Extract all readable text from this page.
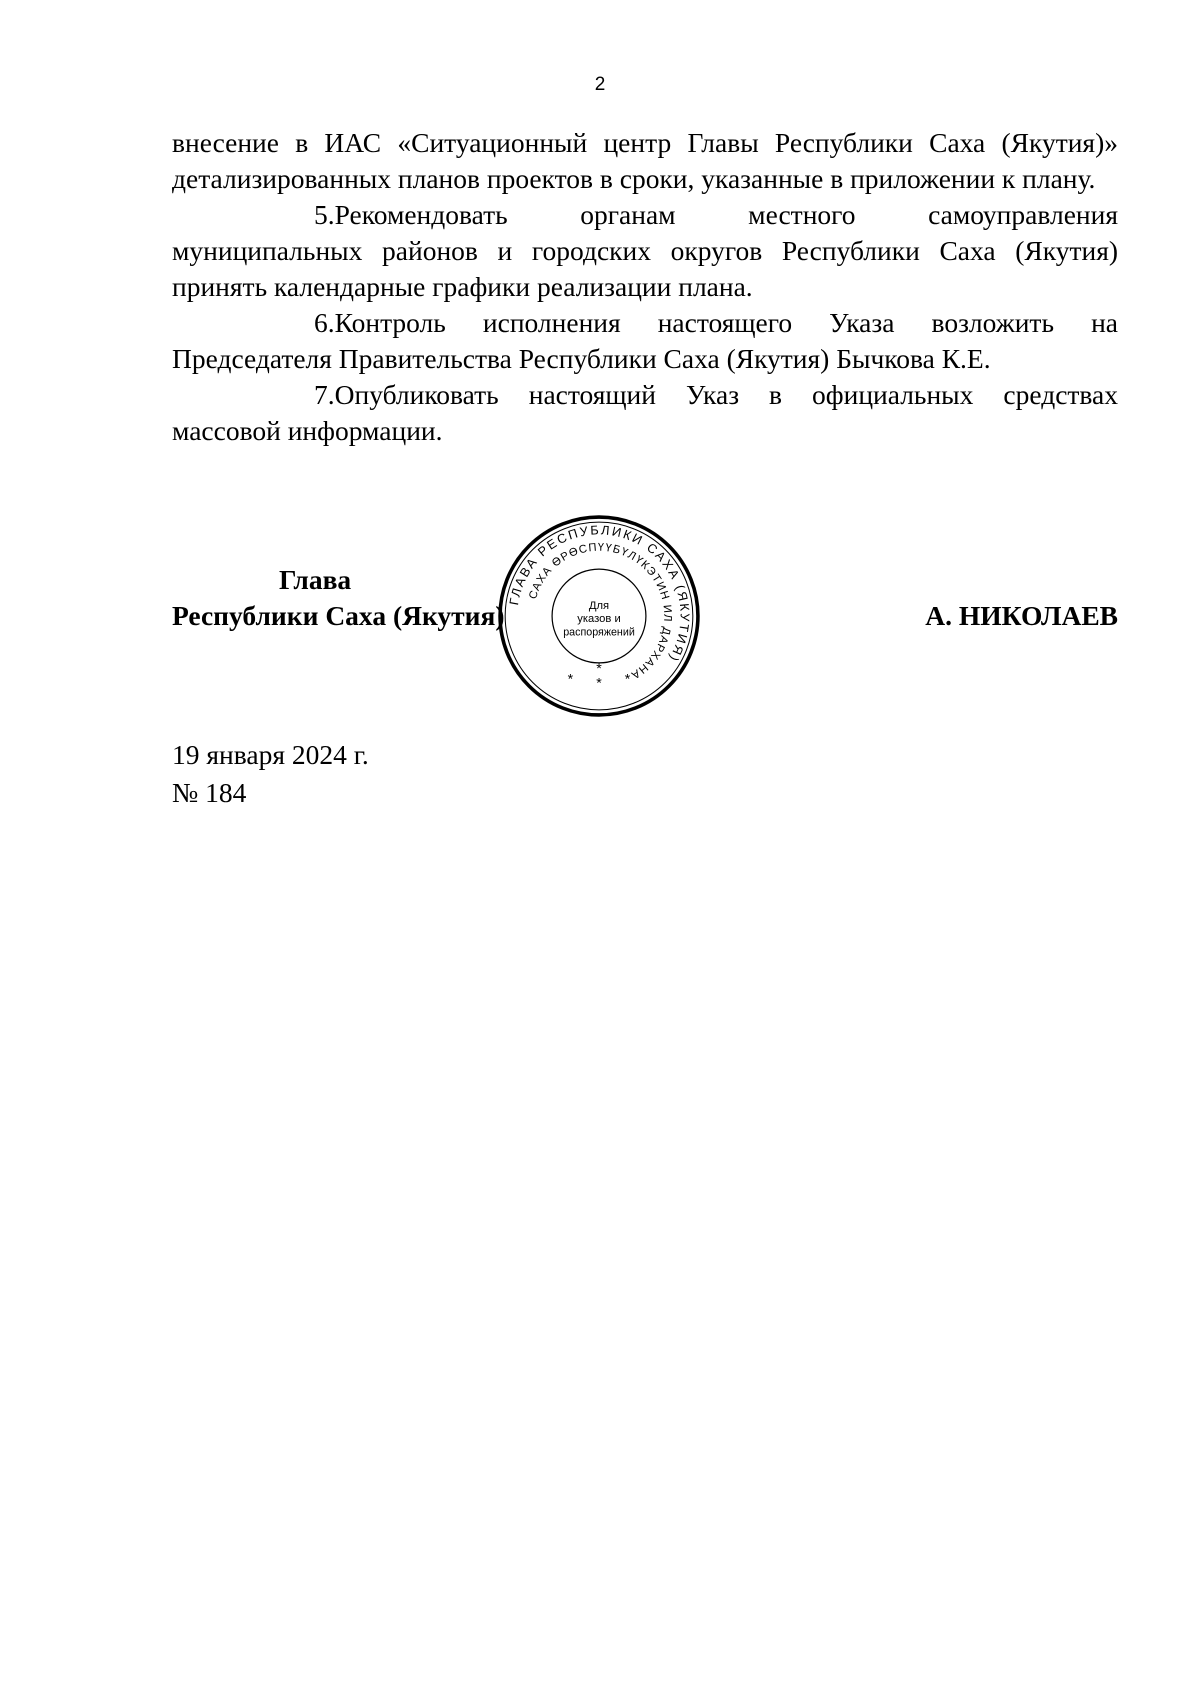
2

внесение в ИАС «Ситуационный центр Главы Республики Саха (Якутия)» детализированных планов проектов в сроки, указанные в приложении к плану.

5.Рекомендовать органам местного самоуправления муниципальных районов и городских округов Республики Саха (Якутия) принять календарные графики реализации плана.

6.Контроль исполнения настоящего Указа возложить на Председателя Правительства Республики Саха (Якутия) Бычкова К.Е.

7.Опубликовать настоящий Указ в официальных средствах массовой информации.

Глава
Республики Саха (Якутия) ГЛАВА РЕСПУБЛИКИ САХА (ЯКУТИЯ)
САХА ӨРӨСПҮҮБҮЛҮКЭТИН ИЛ ДАРХАНА
Для
указов и
распоряжений
* *
*
*
А. НИКОЛАЕВ
19 января 2024 г.
№ 184
